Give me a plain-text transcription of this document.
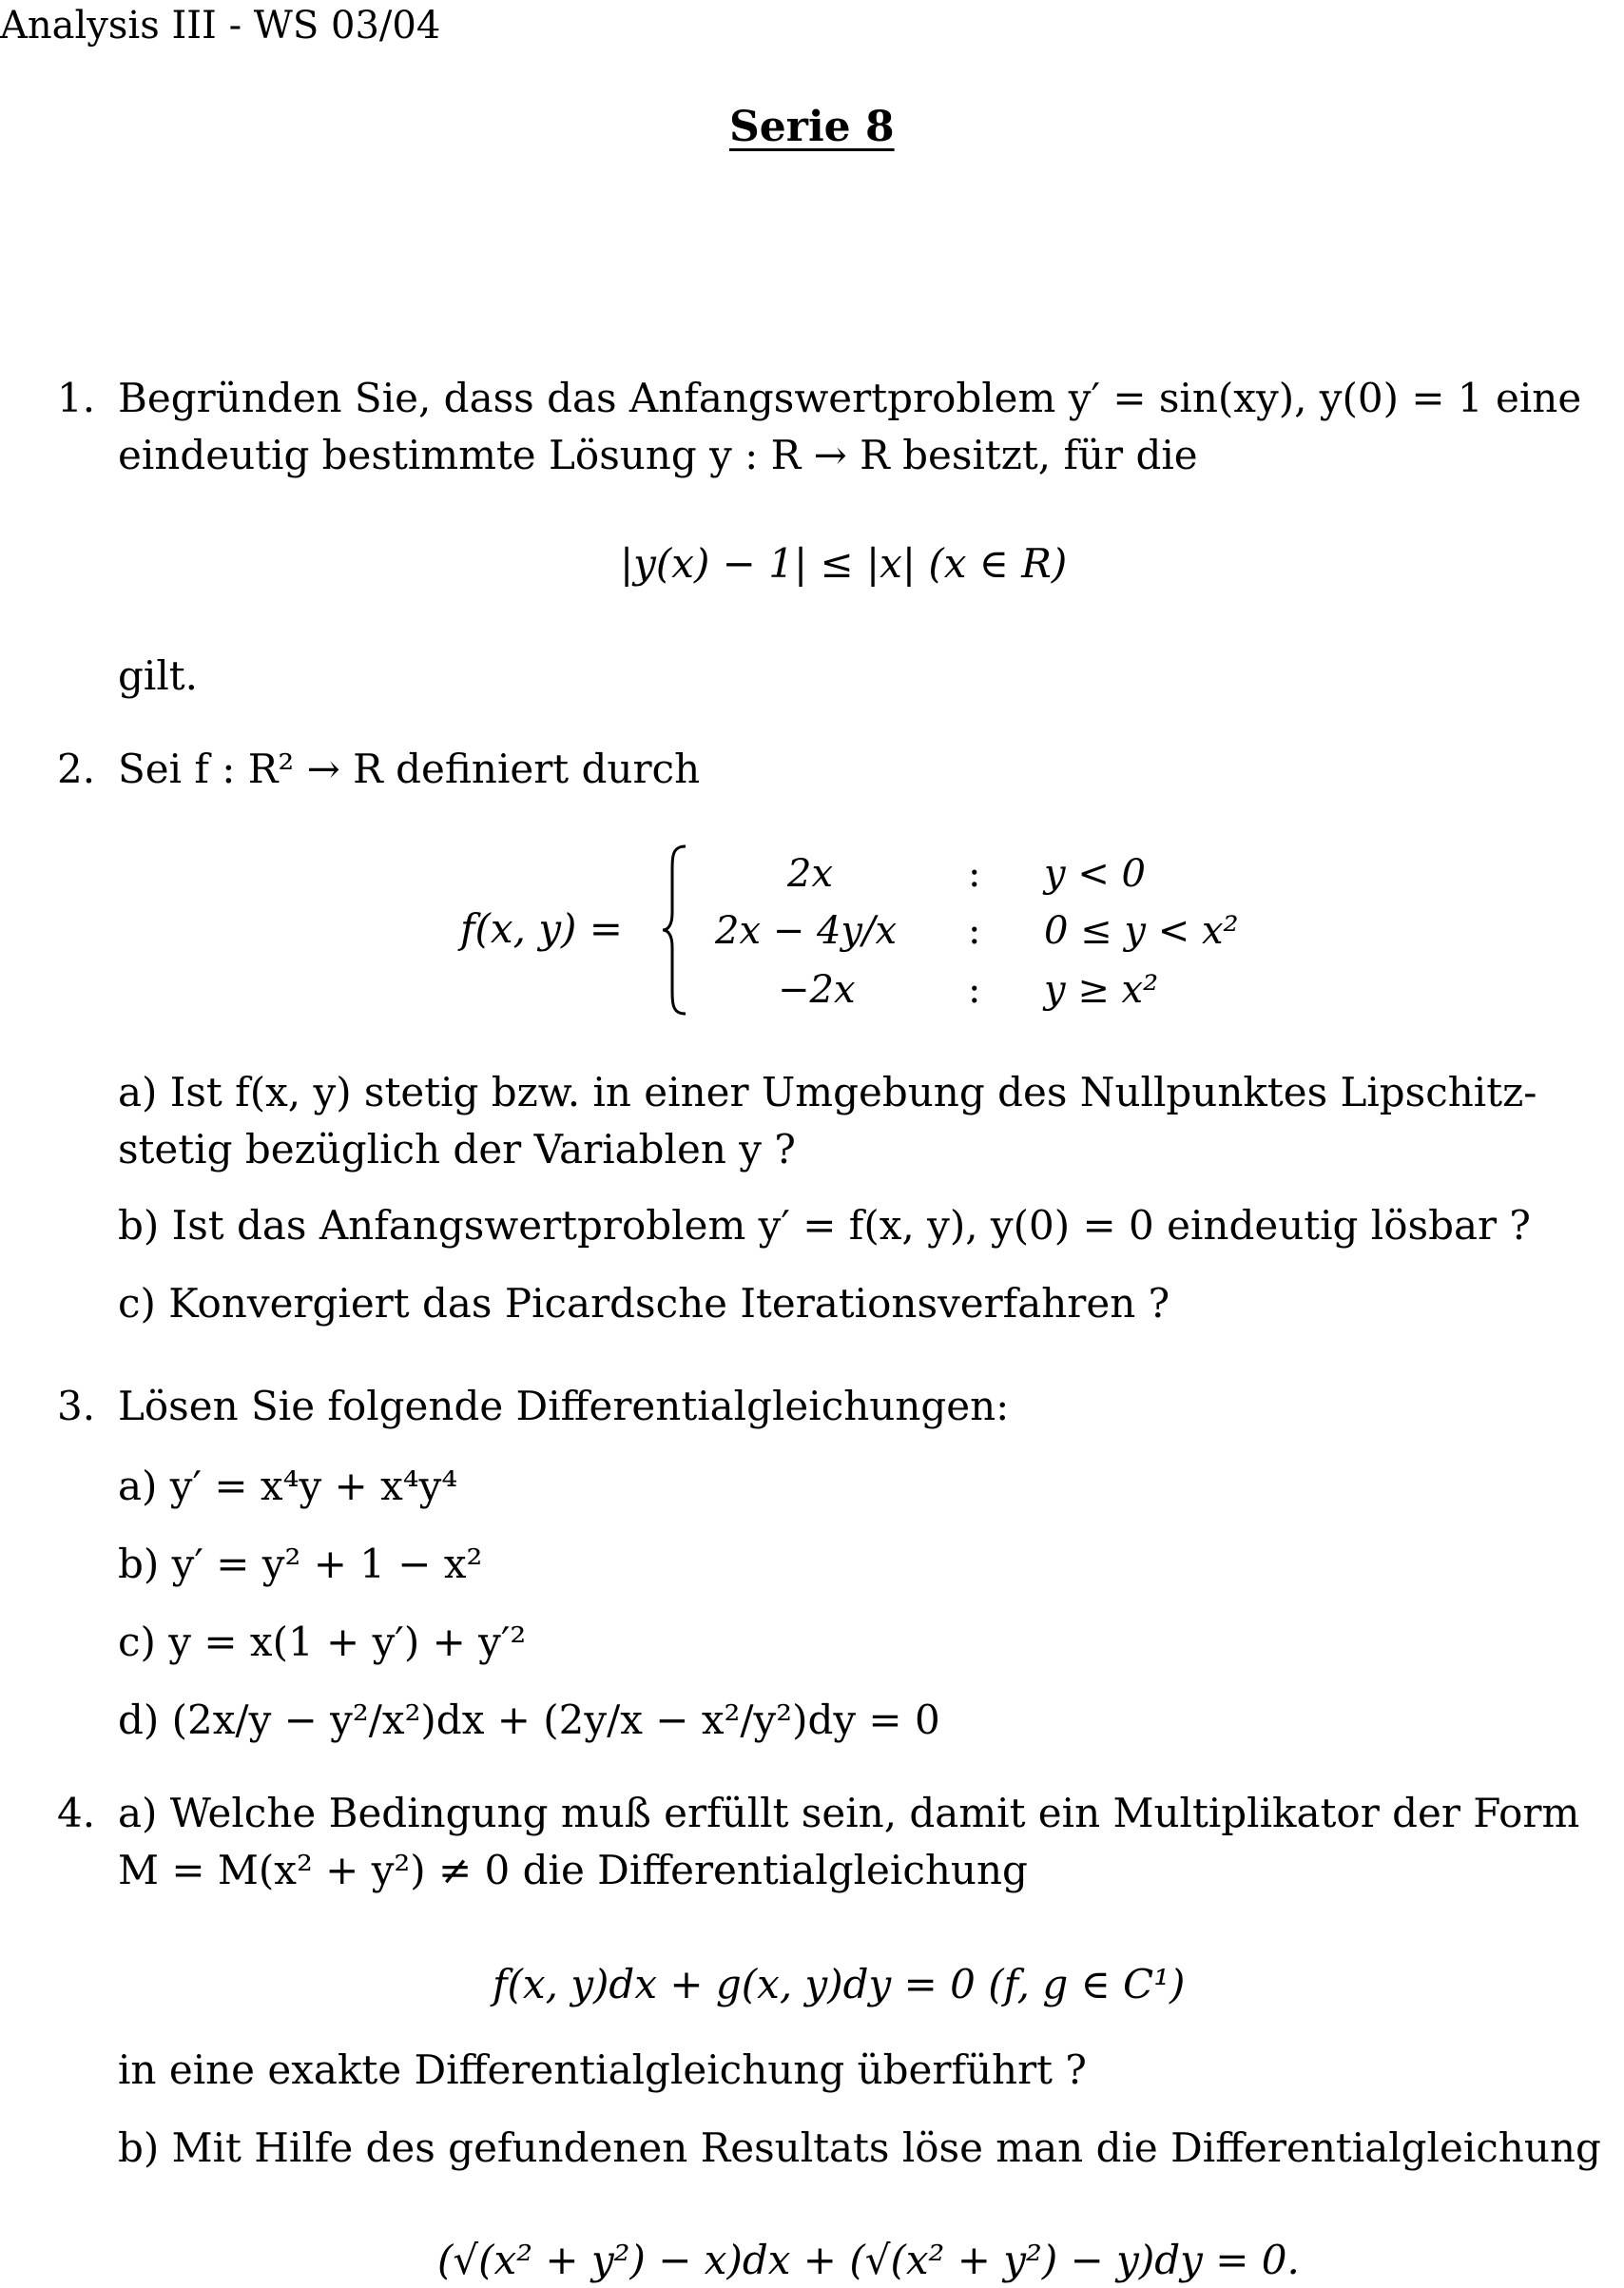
Analysis III - WS 03/04
Serie 8
1. Begründen Sie, dass das Anfangswertproblem y′ = sin(xy), y(0) = 1 eine
eindeutig bestimmte Lösung y : R → R besitzt, für die
|y(x) − 1| ≤ |x| (x ∈ R)
gilt.
2. Sei f : R² → R definiert durch
f(x, y) =
2x	: y < 0
2x − 4y/x : 0 ≤ y < x²
−2x	: y ≥ x²
a) Ist f(x, y) stetig bzw. in einer Umgebung des Nullpunktes Lipschitz-
stetig bezüglich der Variablen y ?
b) Ist das Anfangswertproblem y′ = f(x, y), y(0) = 0 eindeutig lösbar ?
c) Konvergiert das Picardsche Iterationsverfahren ?
3. Lösen Sie folgende Differentialgleichungen:
a) y′ = x⁴y + x⁴y⁴
b) y′ = y² + 1 − x²
c) y = x(1 + y′) + y′²
d) (2x/y − y²/x²)dx + (2y/x − x²/y²)dy = 0
4. a) Welche Bedingung muß erfüllt sein, damit ein Multiplikator der Form
M = M(x² + y²) ≠ 0 die Differentialgleichung
f(x, y)dx + g(x, y)dy = 0 (f, g ∈ C¹)
in eine exakte Differentialgleichung überführt ?
b) Mit Hilfe des gefundenen Resultats löse man die Differentialgleichung
(√(x² + y²) − x)dx + (√(x² + y²) − y)dy = 0.
